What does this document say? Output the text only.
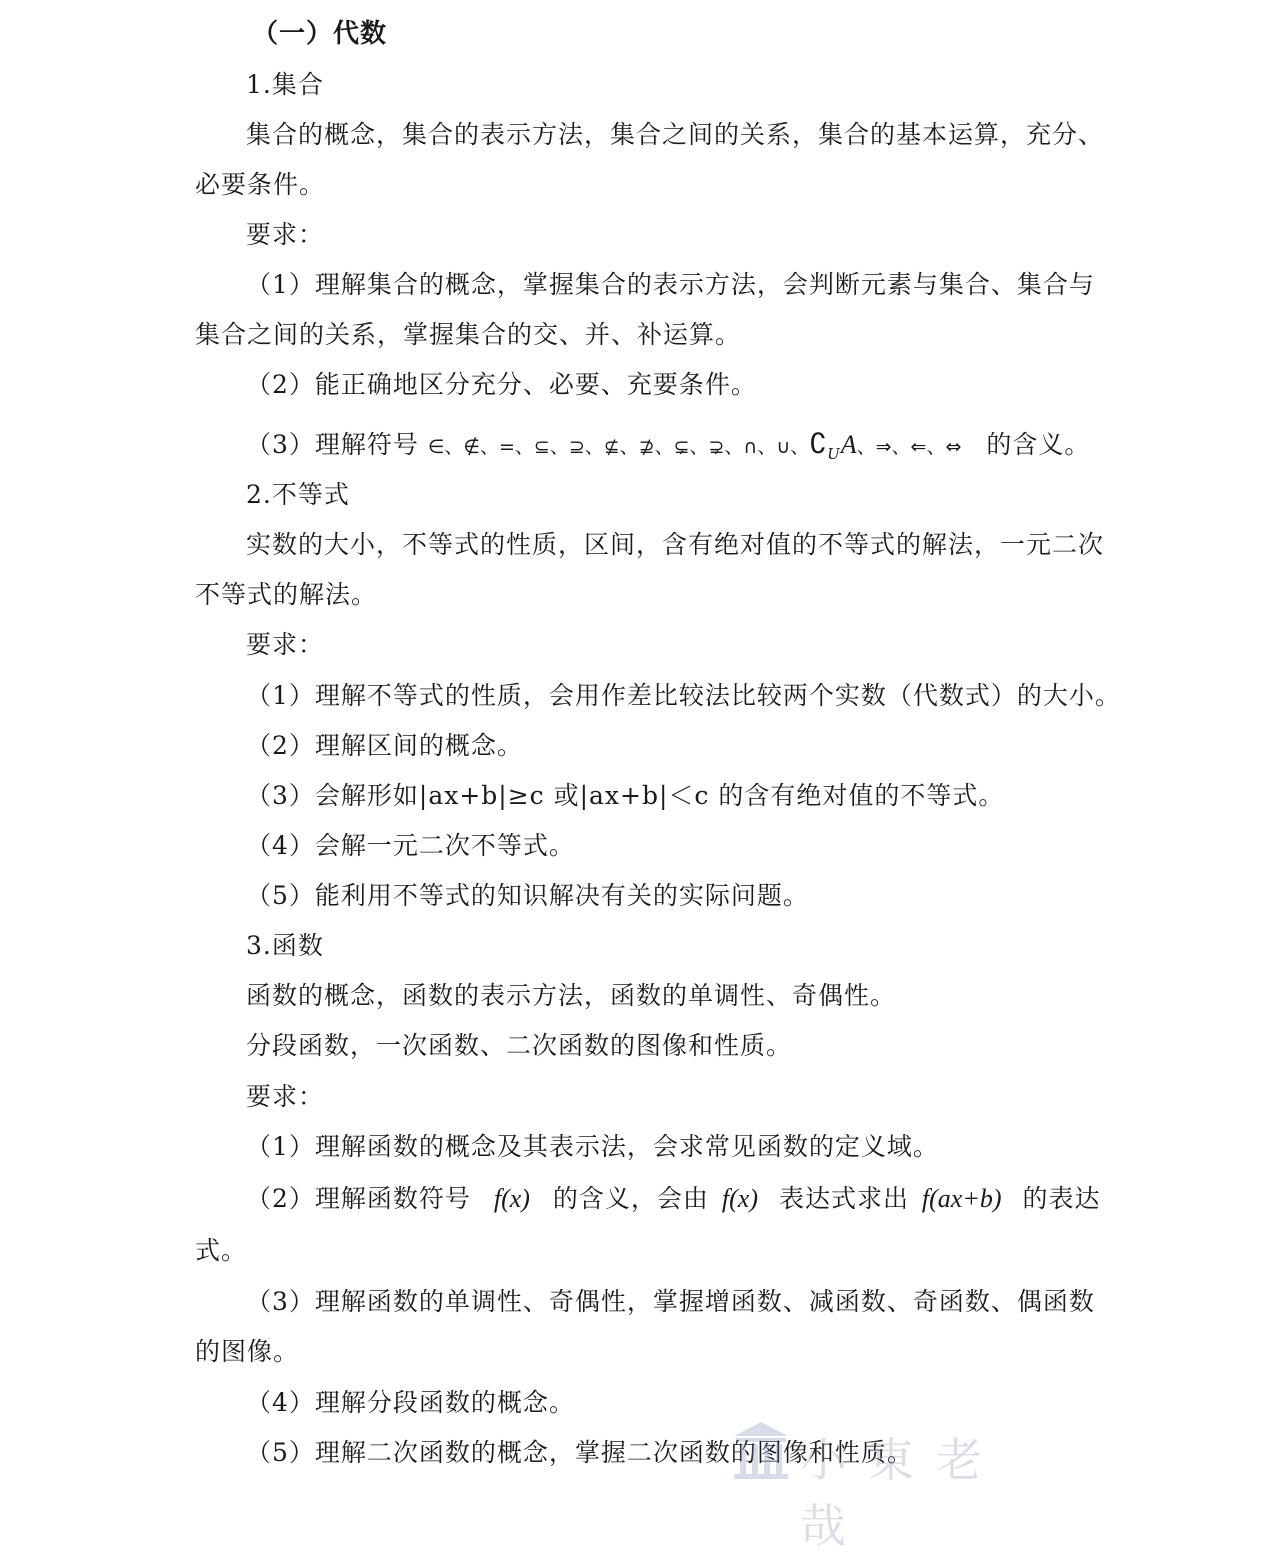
（一）代数
1.集合
集合的概念，集合的表示方法，集合之间的关系，集合的基本运算，充分、
必要条件。
要求：
（1）理解集合的概念，掌握集合的表示方法，会判断元素与集合、集合与
集合之间的关系，掌握集合的交、并、补运算。
（2）能正确地区分充分、必要、充要条件。
（3）理解符号 ∈、∉、=、⊆、⊇、⊈、⊉、⊊、⊋、∩、∪、$∁_UA$、⇒、⇐、⇔ 的含义。
2.不等式
实数的大小，不等式的性质，区间，含有绝对值的不等式的解法，一元二次
不等式的解法。
要求：
（1）理解不等式的性质，会用作差比较法比较两个实数（代数式）的大小。
（2）理解区间的概念。
（3）会解形如|ax+b|≥c 或|ax+b|＜c 的含有绝对值的不等式。
（4）会解一元二次不等式。
（5）能利用不等式的知识解决有关的实际问题。
3.函数
函数的概念，函数的表示方法，函数的单调性、奇偶性。
分段函数，一次函数、二次函数的图像和性质。
要求：
（1）理解函数的概念及其表示法，会求常见函数的定义域。
（2）理解函数符号 f(x) 的含义，会由 f(x) 表达式求出 f(ax+b) 的表达
式。
（3）理解函数的单调性、奇偶性，掌握增函数、减函数、奇函数、偶函数
的图像。
（4）理解分段函数的概念。
（5）理解二次函数的概念，掌握二次函数的图像和性质。
小東老哉
